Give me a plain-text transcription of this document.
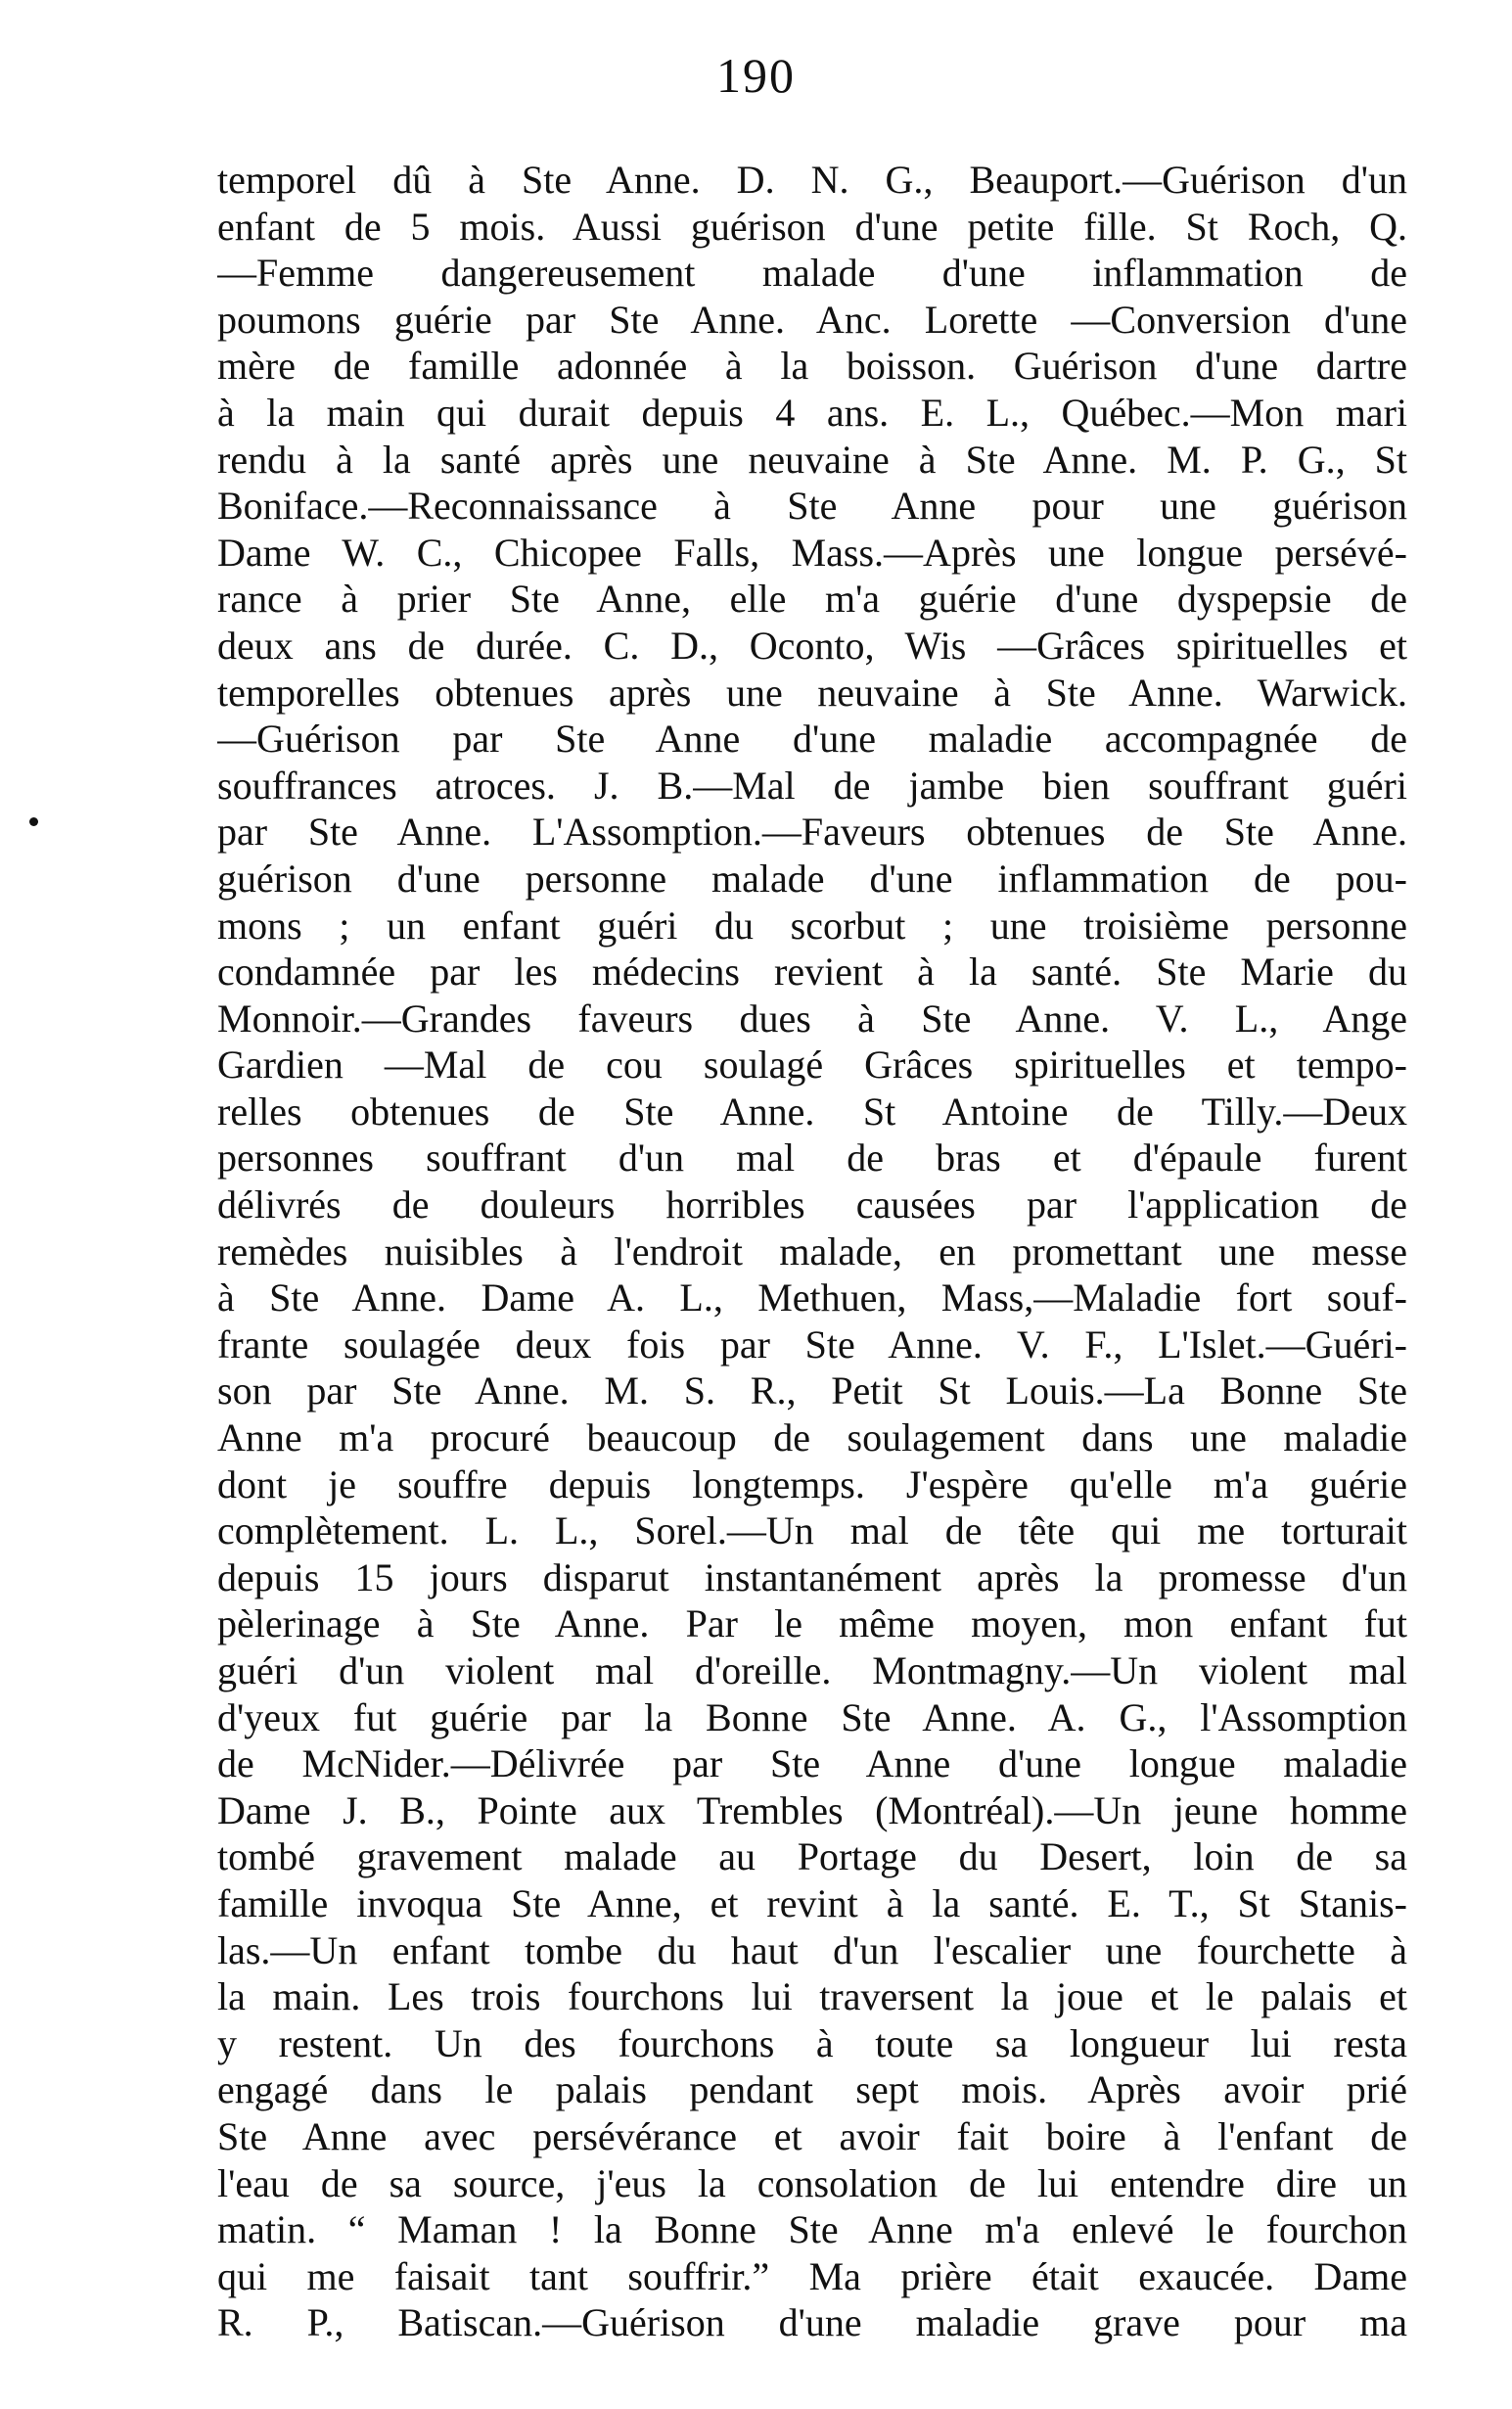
190
temporel dû à Ste Anne. D. N. G., Beauport.—Guérison d'un
enfant de 5 mois. Aussi guérison d'une petite fille. St Roch, Q.
—Femme dangereusement malade d'une inflammation de
poumons guérie par Ste Anne. Anc. Lorette —Conversion d'une
mère de famille adonnée à la boisson. Guérison d'une dartre
à la main qui durait depuis 4 ans. E. L., Québec.—Mon mari
rendu à la santé après une neuvaine à Ste Anne. M. P. G., St
Boniface.—Reconnaissance à Ste Anne pour une guérison
Dame W. C., Chicopee Falls, Mass.—Après une longue persévé-
rance à prier Ste Anne, elle m'a guérie d'une dyspepsie de
deux ans de durée. C. D., Oconto, Wis —Grâces spirituelles et
temporelles obtenues après une neuvaine à Ste Anne. Warwick.
—Guérison par Ste Anne d'une maladie accompagnée de
souffrances atroces. J. B.—Mal de jambe bien souffrant guéri
par Ste Anne. L'Assomption.—Faveurs obtenues de Ste Anne.
guérison d'une personne malade d'une inflammation de pou-
mons ; un enfant guéri du scorbut ; une troisième personne
condamnée par les médecins revient à la santé. Ste Marie du
Monnoir.—Grandes faveurs dues à Ste Anne. V. L., Ange
Gardien —Mal de cou soulagé Grâces spirituelles et tempo-
relles obtenues de Ste Anne. St Antoine de Tilly.—Deux
personnes souffrant d'un mal de bras et d'épaule furent
délivrés de douleurs horribles causées par l'application de
remèdes nuisibles à l'endroit malade, en promettant une messe
à Ste Anne. Dame A. L., Methuen, Mass,—Maladie fort souf-
frante soulagée deux fois par Ste Anne. V. F., L'Islet.—Guéri-
son par Ste Anne. M. S. R., Petit St Louis.—La Bonne Ste
Anne m'a procuré beaucoup de soulagement dans une maladie
dont je souffre depuis longtemps. J'espère qu'elle m'a guérie
complètement. L. L., Sorel.—Un mal de tête qui me torturait
depuis 15 jours disparut instantanément après la promesse d'un
pèlerinage à Ste Anne. Par le même moyen, mon enfant fut
guéri d'un violent mal d'oreille. Montmagny.—Un violent mal
d'yeux fut guérie par la Bonne Ste Anne. A. G., l'Assomption
de McNider.—Délivrée par Ste Anne d'une longue maladie
Dame J. B., Pointe aux Trembles (Montréal).—Un jeune homme
tombé gravement malade au Portage du Desert, loin de sa
famille invoqua Ste Anne, et revint à la santé. E. T., St Stanis-
las.—Un enfant tombe du haut d'un l'escalier une fourchette à
la main. Les trois fourchons lui traversent la joue et le palais et
y restent. Un des fourchons à toute sa longueur lui resta
engagé dans le palais pendant sept mois. Après avoir prié
Ste Anne avec persévérance et avoir fait boire à l'enfant de
l'eau de sa source, j'eus la consolation de lui entendre dire un
matin. “ Maman ! la Bonne Ste Anne m'a enlevé le fourchon
qui me faisait tant souffrir.” Ma prière était exaucée. Dame
R. P., Batiscan.—Guérison d'une maladie grave pour ma
